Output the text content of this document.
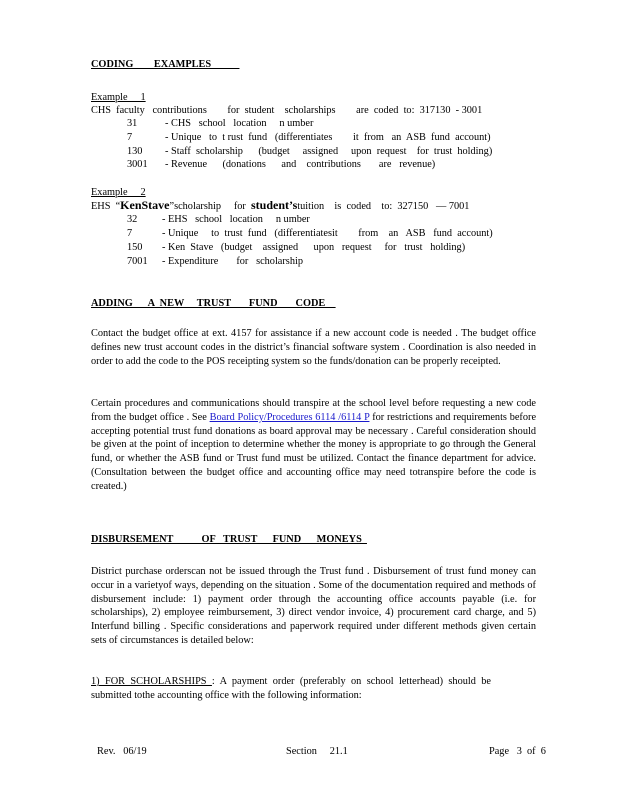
CODING        EXAMPLES
Example     1
CHS  faculty   contributions        for  student    scholarships        are  coded  to:  317130  - 3001
31	- CHS   school   location     n umber
7	- Unique   to  t rust  fund   (differentiates        it  from   an  ASB  fund  account)
130 - Staff  scholarship      (budget     assigned     upon  request    for  trust  holding)
3001 - Revenue      (donations      and    contributions       are   revenue)
Example     2
EHS  “KenStave”scholarship     for  student’stuition    is  coded    to:  327150   — 7001
32 - EHS   school   location     n umber
7	- Unique     to  trust  fund   (differentiatesit        from    an   ASB   fund  account)
150 - Ken  Stave   (budget    assigned      upon   request     for   trust   holding)
7001 - Expenditure       for   scholarship
ADDING      A  NEW     TRUST       FUND       CODE

Contact the budget office at ext. 4157 for assistance if a new account code is needed . The budget office defines new trust account codes in the district’s financial software system . Coordination is also needed in order to add the code to the POS receipting system so the funds/donation can be properly receipted.

Certain procedures and communications should transpire at the school level before requesting a new code from the budget office . See Board Policy/Procedures 6114 /6114 P for restrictions and requirements before accepting potential trust fund donations as board approval may be necessary . Careful consideration should be given at the point of inception to determine whether the money is appropriate to go through the General fund, or whether the ASB fund or Trust fund must be utilized. Contact the finance department for advice. (Consultation between the budget office and accounting office may need totranspire before the code is created.)

DISBURSEMENT           OF   TRUST      FUND      MONEYS

District purchase orderscan not be issued through the Trust fund . Disbursement of trust fund money can occur in a varietyof ways, depending on the situation . Some of the documentation required and methods of disbursement include: 1) payment order through the accounting office accounts payable (i.e. for scholarships), 2) employee reimbursement, 3) direct vendor invoice, 4) procurement card charge, and 5) Interfund billing . Specific considerations and paperwork required under different methods given certain sets of circumstances is detailed below:

1) FOR SCHOLARSHIPS : A payment order (preferably on school letterhead) should be submitted tothe accounting office with the following information:

Rev.   06/19	Section     21.1	Page   3  of  6
